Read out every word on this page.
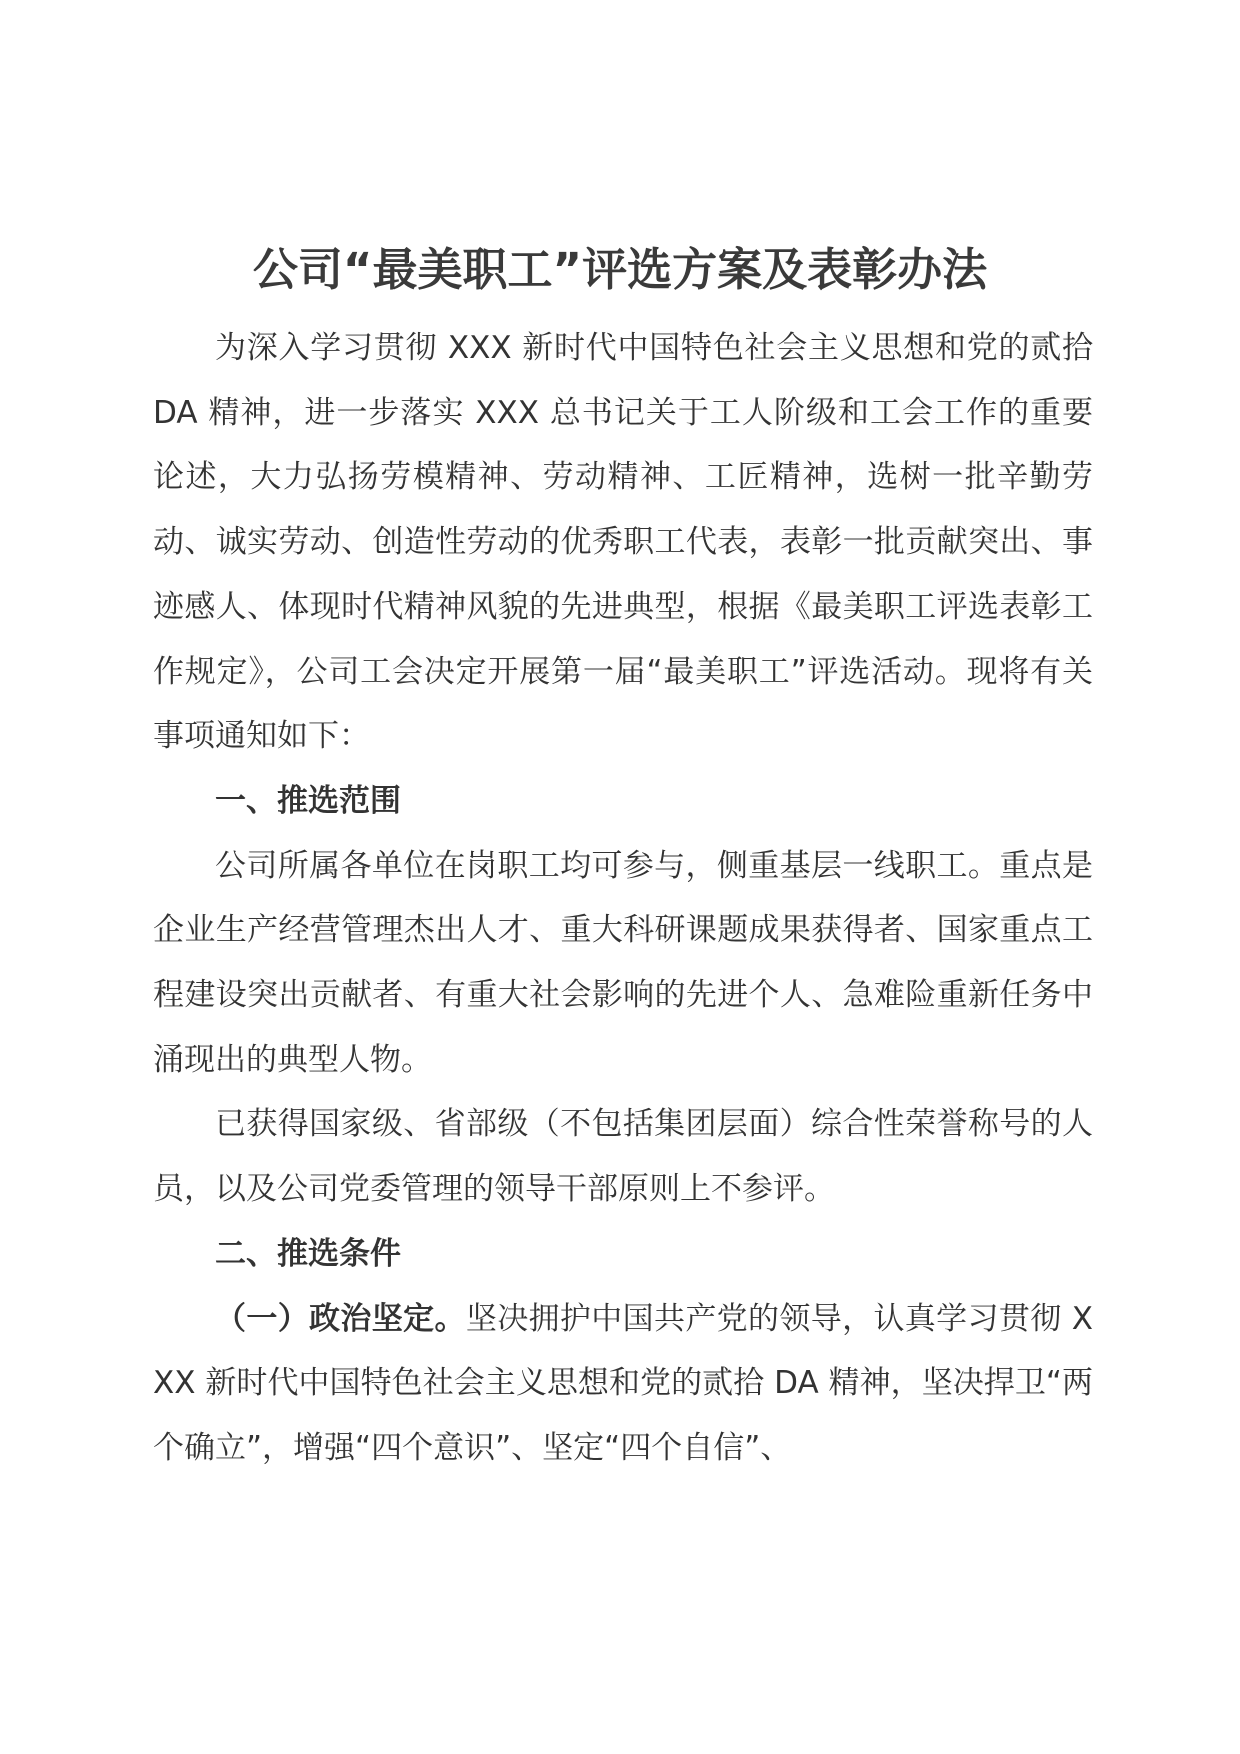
公司“最美职工”评选方案及表彰办法

为深入学习贯彻 XXX 新时代中国特色社会主义思想和党的贰拾 DA 精神，进一步落实 XXX 总书记关于工人阶级和工会工作的重要论述，大力弘扬劳模精神、劳动精神、工匠精神，选树一批辛勤劳动、诚实劳动、创造性劳动的优秀职工代表，表彰一批贡献突出、事迹感人、体现时代精神风貌的先进典型，根据《最美职工评选表彰工作规定》，公司工会决定开展第一届“最美职工”评选活动。现将有关事项通知如下：

一、推选范围

公司所属各单位在岗职工均可参与，侧重基层一线职工。重点是企业生产经营管理杰出人才、重大科研课题成果获得者、国家重点工程建设突出贡献者、有重大社会影响的先进个人、急难险重新任务中涌现出的典型人物。

已获得国家级、省部级（不包括集团层面）综合性荣誉称号的人员，以及公司党委管理的领导干部原则上不参评。

二、推选条件

（一）政治坚定。坚决拥护中国共产党的领导，认真学习贯彻 XXX 新时代中国特色社会主义思想和党的贰拾 DA 精神，坚决捍卫“两个确立”，增强“四个意识”、坚定“四个自信”、
